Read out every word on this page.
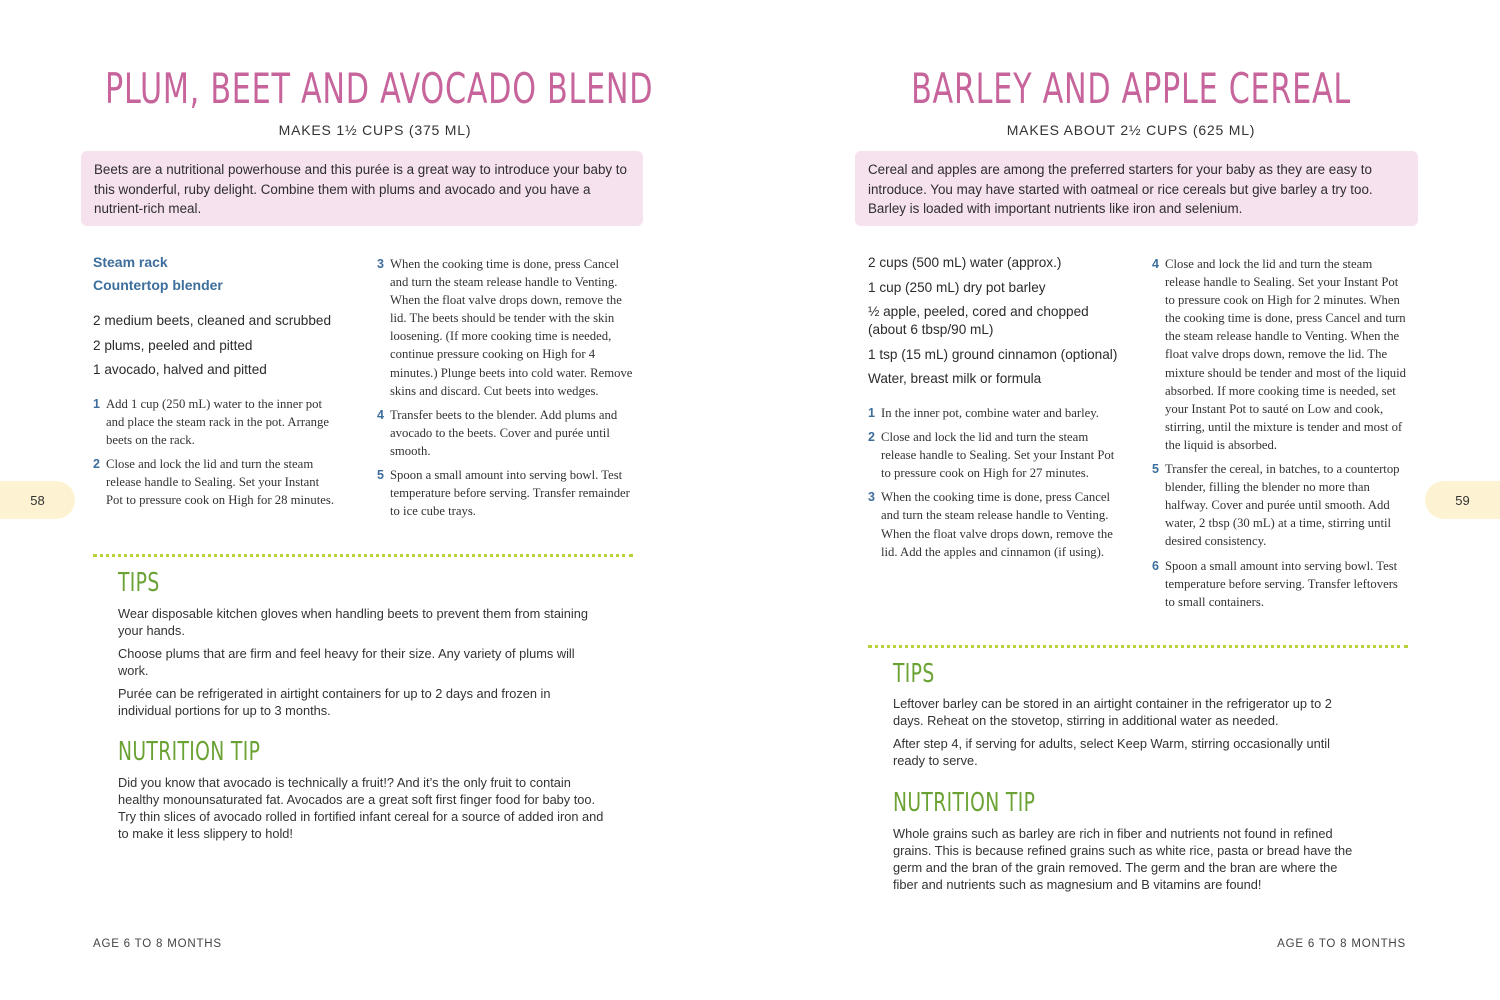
PLUM, BEET AND AVOCADO BLEND
MAKES 1½ CUPS (375 ML)
Beets are a nutritional powerhouse and this purée is a great way to introduce your baby to this wonderful, ruby delight. Combine them with plums and avocado and you have a nutrient-rich meal.
Steam rack
Countertop blender
2 medium beets, cleaned and scrubbed
2 plums, peeled and pitted
1 avocado, halved and pitted
1 Add 1 cup (250 mL) water to the inner pot and place the steam rack in the pot. Arrange beets on the rack.
2 Close and lock the lid and turn the steam release handle to Sealing. Set your Instant Pot to pressure cook on High for 28 minutes.
3 When the cooking time is done, press Cancel and turn the steam release handle to Venting. When the float valve drops down, remove the lid. The beets should be tender with the skin loosening. (If more cooking time is needed, continue pressure cooking on High for 4 minutes.) Plunge beets into cold water. Remove skins and discard. Cut beets into wedges.
4 Transfer beets to the blender. Add plums and avocado to the beets. Cover and purée until smooth.
5 Spoon a small amount into serving bowl. Test temperature before serving. Transfer remainder to ice cube trays.
TIPS

Wear disposable kitchen gloves when handling beets to prevent them from staining your hands.

Choose plums that are firm and feel heavy for their size. Any variety of plums will work.

Purée can be refrigerated in airtight containers for up to 2 days and frozen in individual portions for up to 3 months.

NUTRITION TIP

Did you know that avocado is technically a fruit!? And it’s the only fruit to contain healthy monounsaturated fat. Avocados are a great soft first finger food for baby too. Try thin slices of avocado rolled in fortified infant cereal for a source of added iron and to make it less slippery to hold!

58
AGE 6 TO 8 MONTHS
BARLEY AND APPLE CEREAL
MAKES ABOUT 2½ CUPS (625 ML)
Cereal and apples are among the preferred starters for your baby as they are easy to introduce. You may have started with oatmeal or rice cereals but give barley a try too. Barley is loaded with important nutrients like iron and selenium.
2 cups (500 mL) water (approx.)
1 cup (250 mL) dry pot barley
½ apple, peeled, cored and chopped (about 6 tbsp/90 mL)
1 tsp (15 mL) ground cinnamon (optional)
Water, breast milk or formula
1 In the inner pot, combine water and barley.
2 Close and lock the lid and turn the steam release handle to Sealing. Set your Instant Pot to pressure cook on High for 27 minutes.
3 When the cooking time is done, press Cancel and turn the steam release handle to Venting. When the float valve drops down, remove the lid. Add the apples and cinnamon (if using).
4 Close and lock the lid and turn the steam release handle to Sealing. Set your Instant Pot to pressure cook on High for 2 minutes. When the cooking time is done, press Cancel and turn the steam release handle to Venting. When the float valve drops down, remove the lid. The mixture should be tender and most of the liquid absorbed. If more cooking time is needed, set your Instant Pot to sauté on Low and cook, stirring, until the mixture is tender and most of the liquid is absorbed.
5 Transfer the cereal, in batches, to a countertop blender, filling the blender no more than halfway. Cover and purée until smooth. Add water, 2 tbsp (30 mL) at a time, stirring until desired consistency.
6 Spoon a small amount into serving bowl. Test temperature before serving. Transfer leftovers to small containers.
TIPS

Leftover barley can be stored in an airtight container in the refrigerator up to 2 days. Reheat on the stovetop, stirring in additional water as needed.

After step 4, if serving for adults, select Keep Warm, stirring occasionally until ready to serve.

NUTRITION TIP

Whole grains such as barley are rich in fiber and nutrients not found in refined grains. This is because refined grains such as white rice, pasta or bread have the germ and the bran of the grain removed. The germ and the bran are where the fiber and nutrients such as magnesium and B vitamins are found!

59
AGE 6 TO 8 MONTHS
